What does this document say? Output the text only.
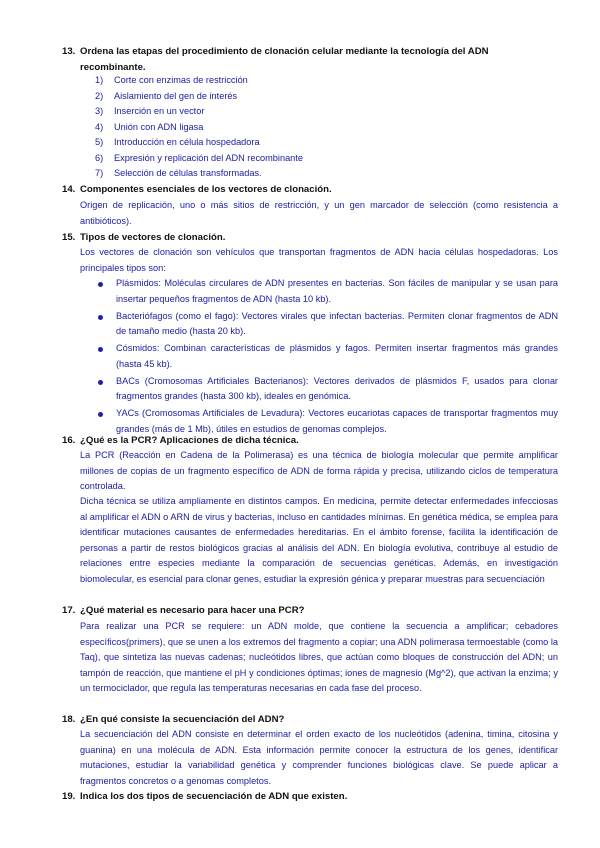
13. Ordena las etapas del procedimiento de clonación celular mediante la tecnología del ADN
recombinante.
1) Corte con enzimas de restricción
2) Aislamiento del gen de interés
3) Inserción en un vector
4) Unión con ADN ligasa
5) Introducción en célula hospedadora
6) Expresión y replicación del ADN recombinante
7) Selección de células transformadas.
14. Componentes esenciales de los vectores de clonación.
Origen de replicación, uno o más sitios de restricción, y un gen marcador de selección (como resistencia a antibióticos).
15. Tipos de vectores de clonación.
Los vectores de clonación son vehículos que transportan fragmentos de ADN hacia células hospedadoras. Los principales tipos son:
Plásmidos: Moléculas circulares de ADN presentes en bacterias. Son fáciles de manipular y se usan para insertar pequeños fragmentos de ADN (hasta 10 kb).
Bacteriófagos (como el fago): Vectores virales que infectan bacterias. Permiten clonar fragmentos de ADN de tamaño medio (hasta 20 kb).
Cósmidos: Combinan características de plásmidos y fagos. Permiten insertar fragmentos más grandes (hasta 45 kb).
BACs (Cromosomas Artificiales Bacterianos): Vectores derivados de plásmidos F, usados para clonar fragmentos grandes (hasta 300 kb), ideales en genómica.
YACs (Cromosomas Artificiales de Levadura): Vectores eucariotas capaces de transportar fragmentos muy grandes (más de 1 Mb), útiles en estudios de genomas complejos.
16. ¿Qué es la PCR? Aplicaciones de dicha técnica.
La PCR (Reacción en Cadena de la Polimerasa) es una técnica de biología molecular que permite amplificar millones de copias de un fragmento específico de ADN de forma rápida y precisa, utilizando ciclos de temperatura controlada.
Dicha técnica se utiliza ampliamente en distintos campos. En medicina, permite detectar enfermedades infecciosas al amplificar el ADN o ARN de virus y bacterias, incluso en cantidades mínimas. En genética médica, se emplea para identificar mutaciones causantes de enfermedades hereditarias. En el ámbito forense, facilita la identificación de personas a partir de restos biológicos gracias al análisis del ADN. En biología evolutiva, contribuye al estudio de relaciones entre especies mediante la comparación de secuencias genéticas. Además, en investigación biomolecular, es esencial para clonar genes, estudiar la expresión génica y preparar muestras para secuenciación
17. ¿Qué material es necesario para hacer una PCR?
Para realizar una PCR se requiere: un ADN molde, que contiene la secuencia a amplificar; cebadores específicos(primers), que se unen a los extremos del fragmento a copiar; una ADN polimerasa termoestable (como la Taq), que sintetiza las nuevas cadenas; nucleótidos libres, que actúan como bloques de construcción del ADN; un tampón de reacción, que mantiene el pH y condiciones óptimas; iones de magnesio (Mg^2), que activan la enzima; y un termociclador, que regula las temperaturas necesarias en cada fase del proceso.
18. ¿En qué consiste la secuenciación del ADN?
La secuenciación del ADN consiste en determinar el orden exacto de los nucleótidos (adenina, timina, citosina y guanina) en una molécula de ADN. Esta información permite conocer la estructura de los genes, identificar mutaciones, estudiar la variabilidad genética y comprender funciones biológicas clave. Se puede aplicar a fragmentos concretos o a genomas completos.
19. Indica los dos tipos de secuenciación de ADN que existen.
